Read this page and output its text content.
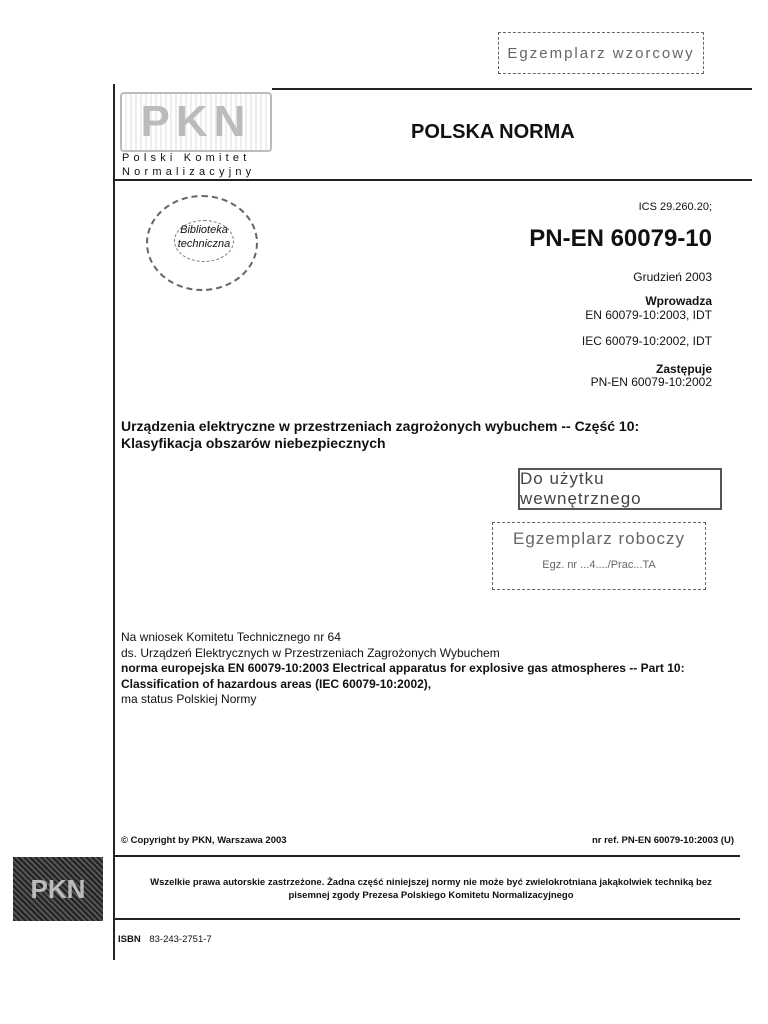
Egzemplarz wzorcowy
PKN
Polski Komitet
Normalizacyjny
POLSKA NORMA
Biblioteka techniczna
ICS 29.260.20;
PN-EN 60079-10
Grudzień 2003
Wprowadza
EN 60079-10:2003, IDT
IEC 60079-10:2002, IDT
Zastępuje
PN-EN 60079-10:2002
Urządzenia elektryczne w przestrzeniach zagrożonych wybuchem -- Część 10:
Klasyfikacja obszarów niebezpiecznych
Do użytku wewnętrznego
Egzemplarz roboczy
Egz. nr ...4..../Prac...TA
Na wniosek Komitetu Technicznego nr 64
ds. Urządzeń Elektrycznych w Przestrzeniach Zagrożonych Wybuchem
norma europejska EN 60079-10:2003 Electrical apparatus for explosive gas atmospheres -- Part 10:
Classification of hazardous areas (IEC 60079-10:2002),
ma status Polskiej Normy
© Copyright by PKN, Warszawa 2003	nr ref. PN-EN 60079-10:2003 (U)
PKN	Wszelkie prawa autorskie zastrzeżone. Żadna część niniejszej normy nie może być zwielokrotniana jakąkolwiek techniką bez
pisemnej zgody Prezesa Polskiego Komitetu Normalizacyjnego
ISBN 83-243-2751-7
